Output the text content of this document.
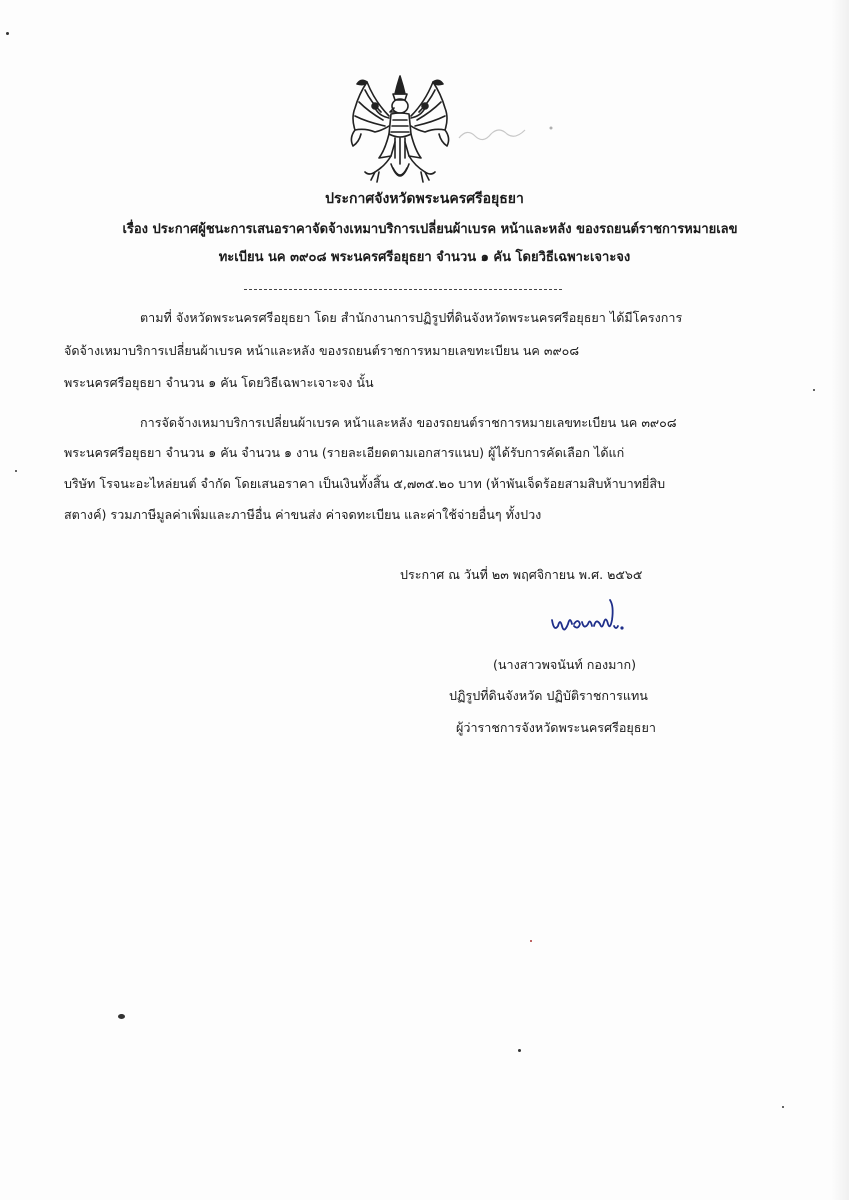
ประกาศจังหวัดพระนครศรีอยุธยา
เรื่อง ประกาศผู้ชนะการเสนอราคาจัดจ้างเหมาบริการเปลี่ยนผ้าเบรค หน้าและหลัง ของรถยนต์ราชการหมายเลข
ทะเบียน นค ๓๙๐๘ พระนครศรีอยุธยา จำนวน ๑ คัน โดยวิธีเฉพาะเจาะจง
ตามที่ จังหวัดพระนครศรีอยุธยา โดย สำนักงานการปฏิรูปที่ดินจังหวัดพระนครศรีอยุธยา ได้มีโครงการ
จัดจ้างเหมาบริการเปลี่ยนผ้าเบรค หน้าและหลัง ของรถยนต์ราชการหมายเลขทะเบียน นค ๓๙๐๘
พระนครศรีอยุธยา จำนวน ๑ คัน โดยวิธีเฉพาะเจาะจง นั้น
การจัดจ้างเหมาบริการเปลี่ยนผ้าเบรค หน้าและหลัง ของรถยนต์ราชการหมายเลขทะเบียน นค ๓๙๐๘
พระนครศรีอยุธยา จำนวน ๑ คัน จำนวน ๑ งาน (รายละเอียดตามเอกสารแนบ) ผู้ได้รับการคัดเลือก ได้แก่
บริษัท โรจนะอะไหล่ยนต์ จำกัด โดยเสนอราคา เป็นเงินทั้งสิ้น ๕,๗๓๕.๒๐ บาท (ห้าพันเจ็ดร้อยสามสิบห้าบาทยี่สิบ
สตางค์) รวมภาษีมูลค่าเพิ่มและภาษีอื่น ค่าขนส่ง ค่าจดทะเบียน และค่าใช้จ่ายอื่นๆ ทั้งปวง
ประกาศ ณ วันที่ ๒๓ พฤศจิกายน พ.ศ. ๒๕๖๕
(นางสาวพจนันท์ กองมาก)
ปฏิรูปที่ดินจังหวัด ปฏิบัติราชการแทน
ผู้ว่าราชการจังหวัดพระนครศรีอยุธยา
